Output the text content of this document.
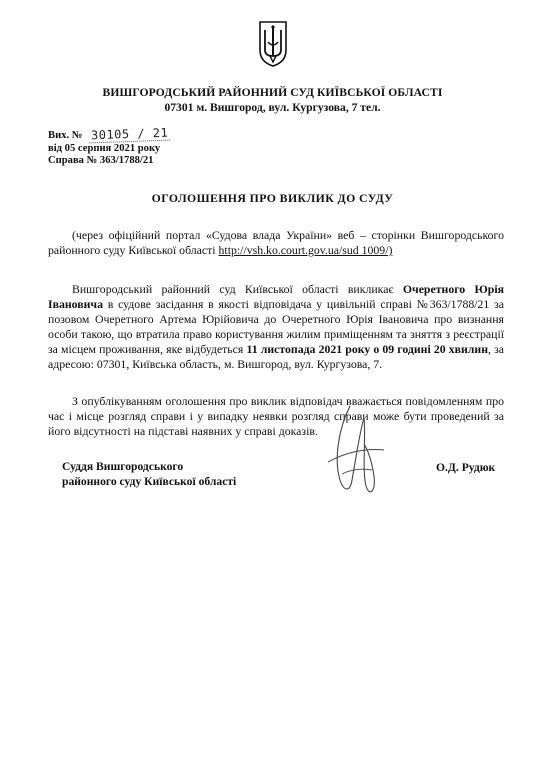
ВИШГОРОДСЬКИЙ РАЙОННИЙ СУД КИЇВСЬКОЇ ОБЛАСТІ
07301 м. Вишгород, вул. Кургузова, 7 тел.
Вих. № 30105 / 21
від 05 серпня 2021 року
Справа № 363/1788/21
ОГОЛОШЕННЯ ПРО ВИКЛИК ДО СУДУ
(через офіційний портал «Судова влада України» веб – сторінки Вишгородського районного суду Київської області http://vsh.ko.court.gov.ua/sud 1009/)
Вишгородський районний суд Київської області викликає Очеретного Юрія Івановича в судове засідання в якості відповідача у цивільній справі №363/1788/21 за позовом Очеретного Артема Юрійовича до Очеретного Юрія Івановича про визнання особи такою, що втратила право користування жилим приміщенням та зняття з реєстрації за місцем проживання, яке відбудеться 11 листопада 2021 року о 09 годині 20 хвилин, за адресою: 07301, Київська область, м. Вишгород, вул. Кургузова, 7.
З опублікуванням оголошення про виклик відповідач вважається повідомленням про час і місце розгляд справи і у випадку неявки розгляд справи може бути проведений за його відсутності на підставі наявних у справі доказів.
Суддя Вишгородського
районного суду Київської області
О.Д. Рудюк
